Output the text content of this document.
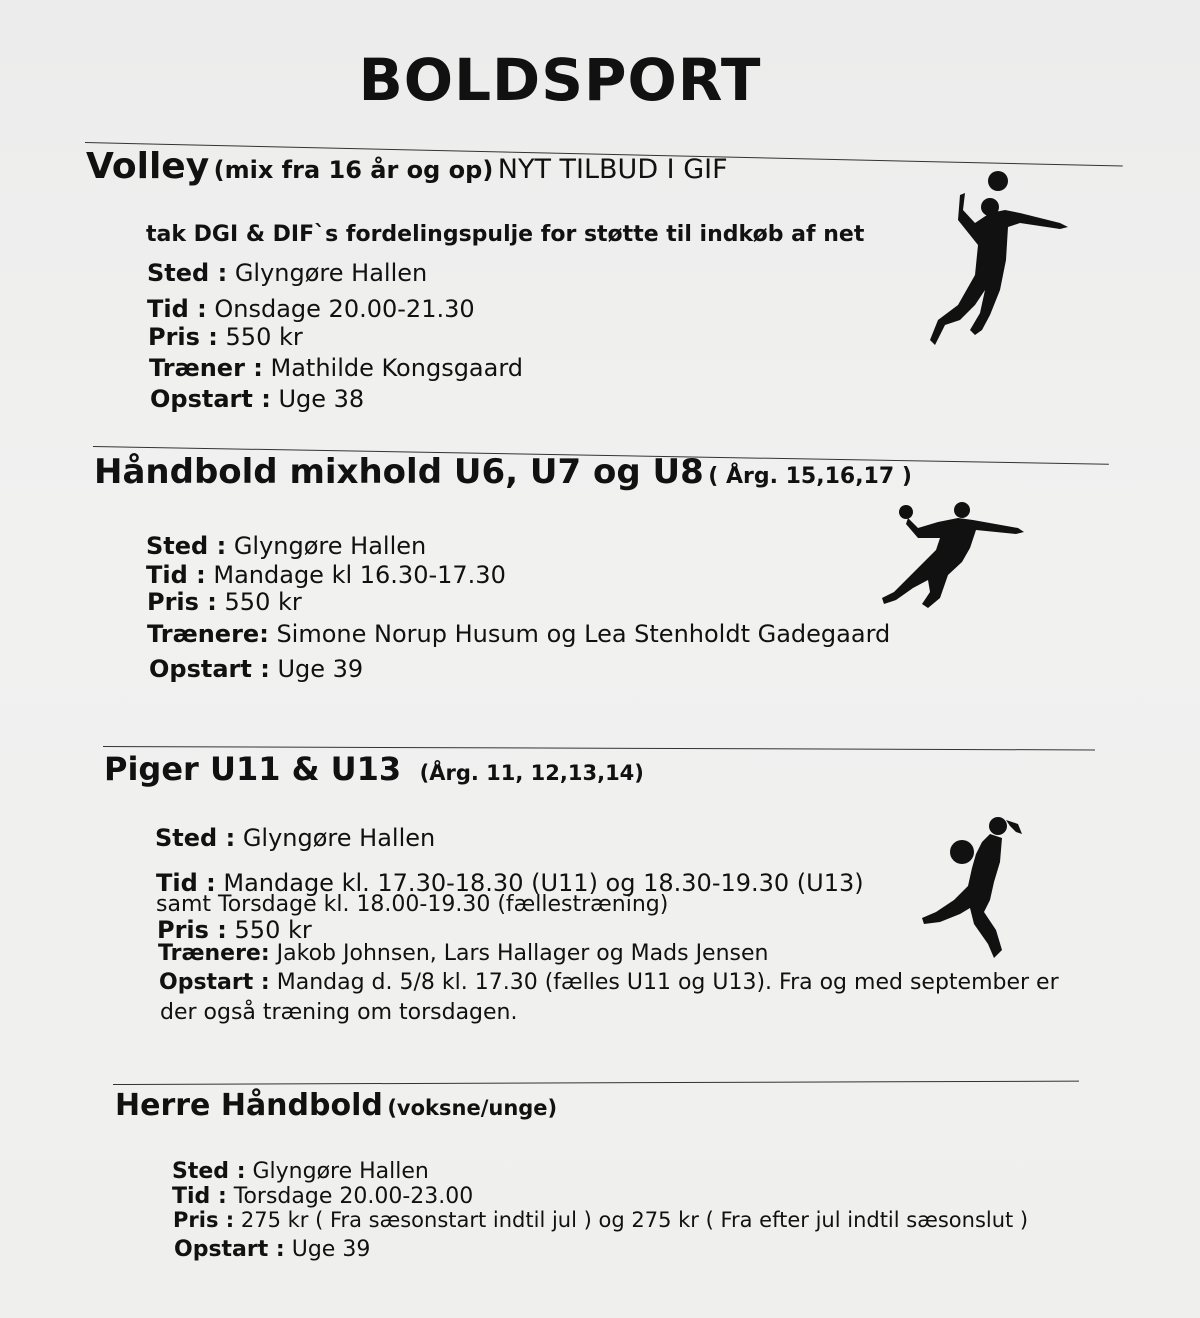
BOLDSPORT
Volley (mix fra 16 år og op) NYT TILBUD I GIF
tak DGI & DIF`s fordelingspulje for støtte til indkøb af net
Sted : Glyngøre Hallen
Tid : Onsdage 20.00-21.30
Pris : 550 kr
Træner : Mathilde Kongsgaard
Opstart : Uge 38
Håndbold mixhold U6, U7 og U8 ( Årg. 15,16,17 )
Sted : Glyngøre Hallen
Tid : Mandage kl 16.30-17.30
Pris : 550 kr
Trænere: Simone Norup Husum og Lea Stenholdt Gadegaard
Opstart : Uge 39
Piger U11 & U13 (Årg. 11, 12,13,14)
Sted : Glyngøre Hallen
Tid : Mandage kl. 17.30-18.30 (U11) og 18.30-19.30 (U13)
samt Torsdage kl. 18.00-19.30 (fællestræning)
Pris : 550 kr
Trænere: Jakob Johnsen, Lars Hallager og Mads Jensen
Opstart : Mandag d. 5/8 kl. 17.30 (fælles U11 og U13). Fra og med september er
der også træning om torsdagen.
Herre Håndbold (voksne/unge)
Sted : Glyngøre Hallen
Tid : Torsdage 20.00-23.00
Pris : 275 kr ( Fra sæsonstart indtil jul ) og 275 kr ( Fra efter jul indtil sæsonslut )
Opstart : Uge 39
